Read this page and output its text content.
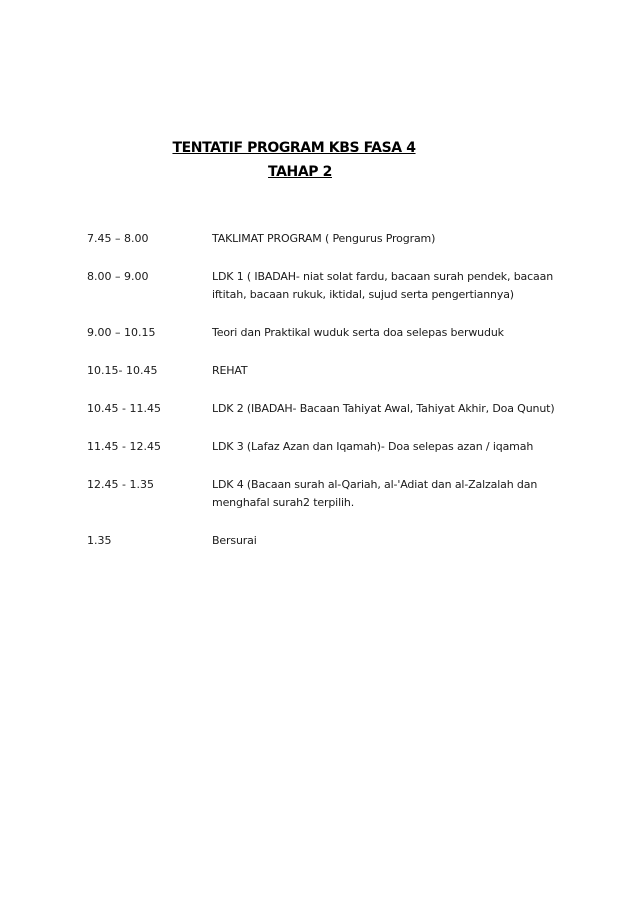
TENTATIF PROGRAM KBS FASA 4
TAHAP 2
7.45 – 8.00	TAKLIMAT PROGRAM ( Pengurus Program)
8.00 – 9.00	LDK 1 ( IBADAH- niat solat fardu, bacaan surah pendek, bacaan iftitah, bacaan rukuk, iktidal, sujud serta pengertiannya)
9.00 – 10.15	Teori dan Praktikal wuduk serta doa selepas berwuduk
10.15- 10.45	REHAT
10.45 - 11.45	LDK 2 (IBADAH- Bacaan Tahiyat Awal, Tahiyat Akhir, Doa Qunut)
11.45 - 12.45	LDK 3 (Lafaz Azan dan Iqamah)- Doa selepas azan / iqamah
12.45 - 1.35	LDK 4 (Bacaan surah al-Qariah, al-'Adiat dan al-Zalzalah dan menghafal surah2 terpilih.
1.35	Bersurai
